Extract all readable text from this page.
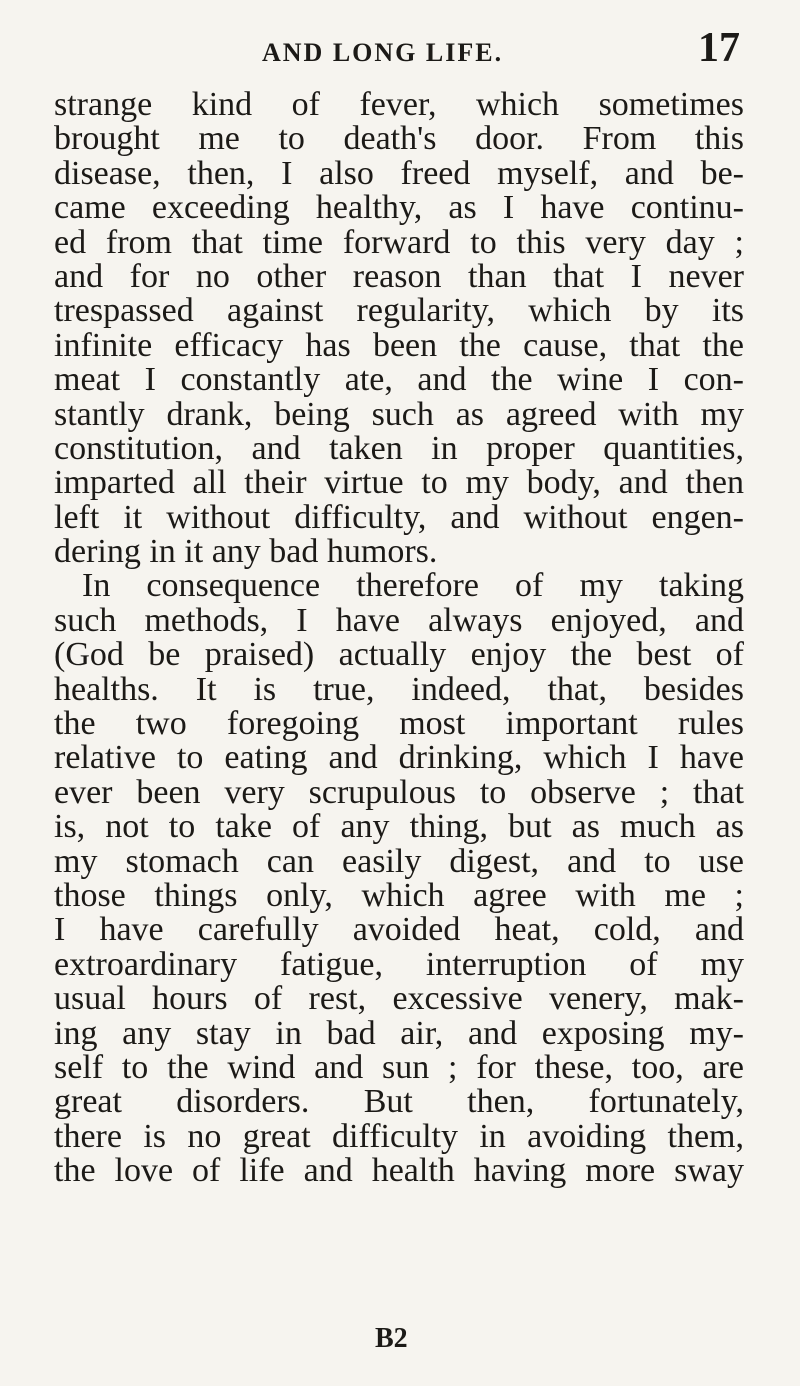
AND LONG LIFE.	17
strange kind of fever, which sometimes
brought me to death's door. From this
disease, then, I also freed myself, and be-
came exceeding healthy, as I have continu-
ed from that time forward to this very day ;
and for no other reason than that I never
trespassed against regularity, which by its
infinite efficacy has been the cause, that the
meat I constantly ate, and the wine I con-
stantly drank, being such as agreed with my
constitution, and taken in proper quantities,
imparted all their virtue to my body, and then
left it without difficulty, and without engen-
dering in it any bad humors.
In consequence therefore of my taking
such methods, I have always enjoyed, and
(God be praised) actually enjoy the best of
healths. It is true, indeed, that, besides
the two foregoing most important rules
relative to eating and drinking, which I have
ever been very scrupulous to observe ; that
is, not to take of any thing, but as much as
my stomach can easily digest, and to use
those things only, which agree with me ;
I have carefully avoided heat, cold, and
extroardinary fatigue, interruption of my
usual hours of rest, excessive venery, mak-
ing any stay in bad air, and exposing my-
self to the wind and sun ; for these, too, are
great disorders. But then, fortunately,
there is no great difficulty in avoiding them,
the love of life and health having more sway
B2
